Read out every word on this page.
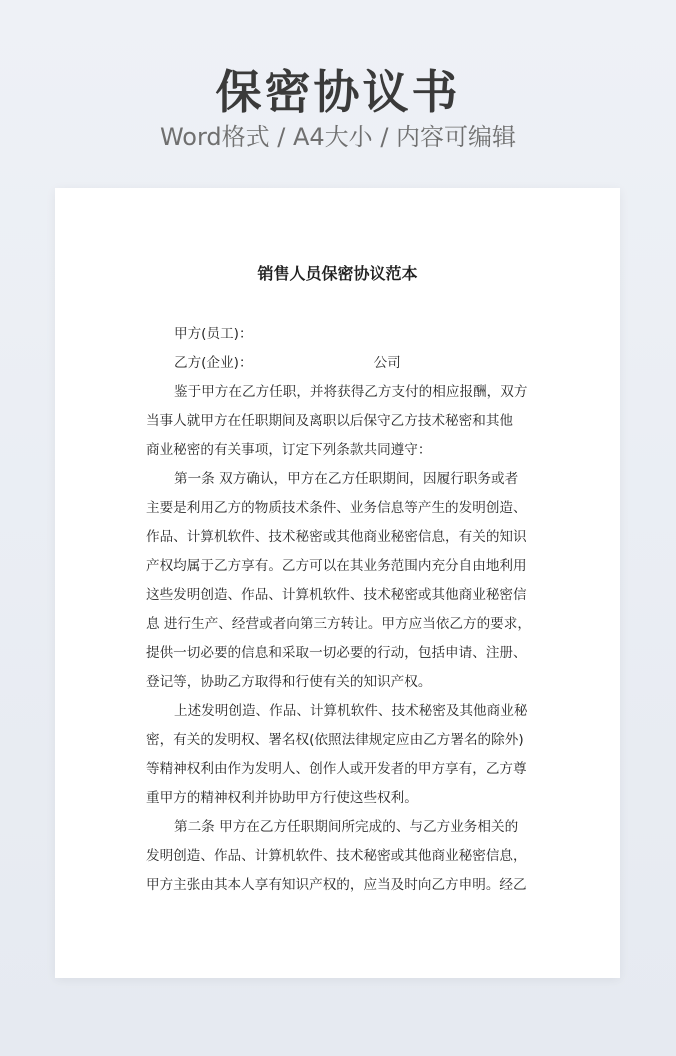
保密协议书
Word格式 / A4大小 / 内容可编辑
销售人员保密协议范本
甲方(员工)：
乙方(企业)：	公司
鉴于甲方在乙方任职，并将获得乙方支付的相应报酬，双方
当事人就甲方在任职期间及离职以后保守乙方技术秘密和其他
商业秘密的有关事项，订定下列条款共同遵守：
第一条 双方确认，甲方在乙方任职期间，因履行职务或者
主要是利用乙方的物质技术条件、业务信息等产生的发明创造、
作品、计算机软件、技术秘密或其他商业秘密信息，有关的知识
产权均属于乙方享有。乙方可以在其业务范围内充分自由地利用
这些发明创造、作品、计算机软件、技术秘密或其他商业秘密信
息 进行生产、经营或者向第三方转让。甲方应当依乙方的要求，
提供一切必要的信息和采取一切必要的行动，包括申请、注册、
登记等，协助乙方取得和行使有关的知识产权。
上述发明创造、作品、计算机软件、技术秘密及其他商业秘
密，有关的发明权、署名权(依照法律规定应由乙方署名的除外)
等精神权利由作为发明人、创作人或开发者的甲方享有，乙方尊
重甲方的精神权利并协助甲方行使这些权利。
第二条 甲方在乙方任职期间所完成的、与乙方业务相关的
发明创造、作品、计算机软件、技术秘密或其他商业秘密信息，
甲方主张由其本人享有知识产权的，应当及时向乙方申明。经乙
